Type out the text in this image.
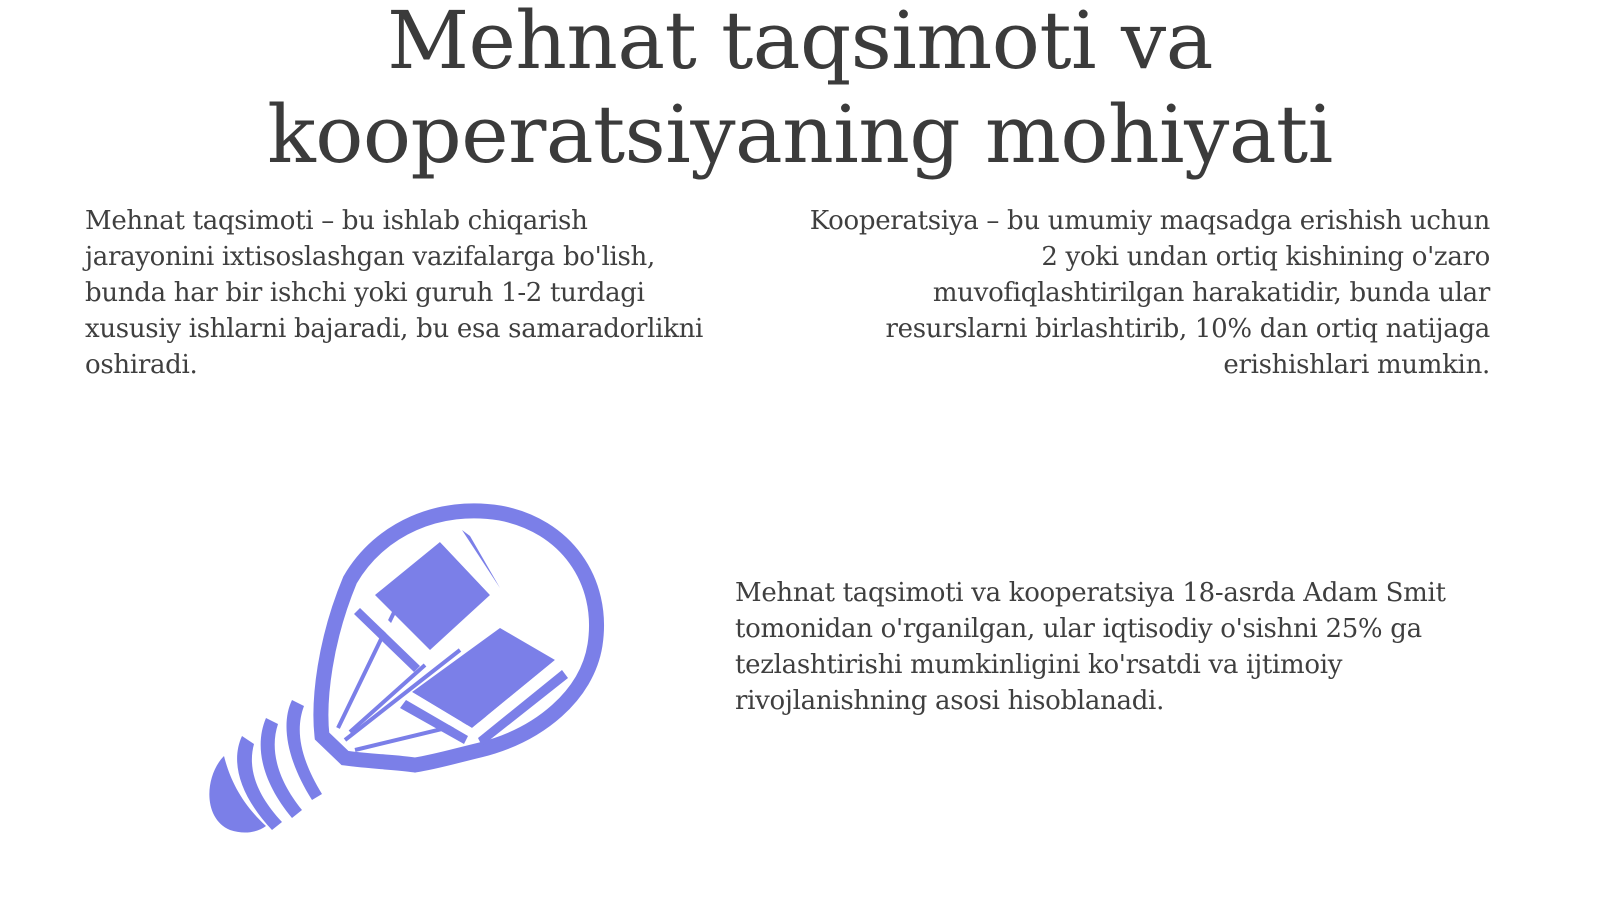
Mehnat taqsimoti va
kooperatsiyaning mohiyati

Mehnat taqsimoti – bu ishlab chiqarish jarayonini ixtisoslashgan vazifalarga bo'lish, bunda har bir ishchi yoki guruh 1-2 turdagi xususiy ishlarni bajaradi, bu esa samaradorlikni oshiradi.

Kooperatsiya – bu umumiy maqsadga erishish uchun 2 yoki undan ortiq kishining o'zaro muvofiqlashtirilgan harakatidir, bunda ular resurslarni birlashtirib, 10% dan ortiq natijaga erishishlari mumkin.

Mehnat taqsimoti va kooperatsiya 18-asrda Adam Smit tomonidan o'rganilgan, ular iqtisodiy o'sishni 25% ga tezlashtirishi mumkinligini ko'rsatdi va ijtimoiy rivojlanishning asosi hisoblanadi.
